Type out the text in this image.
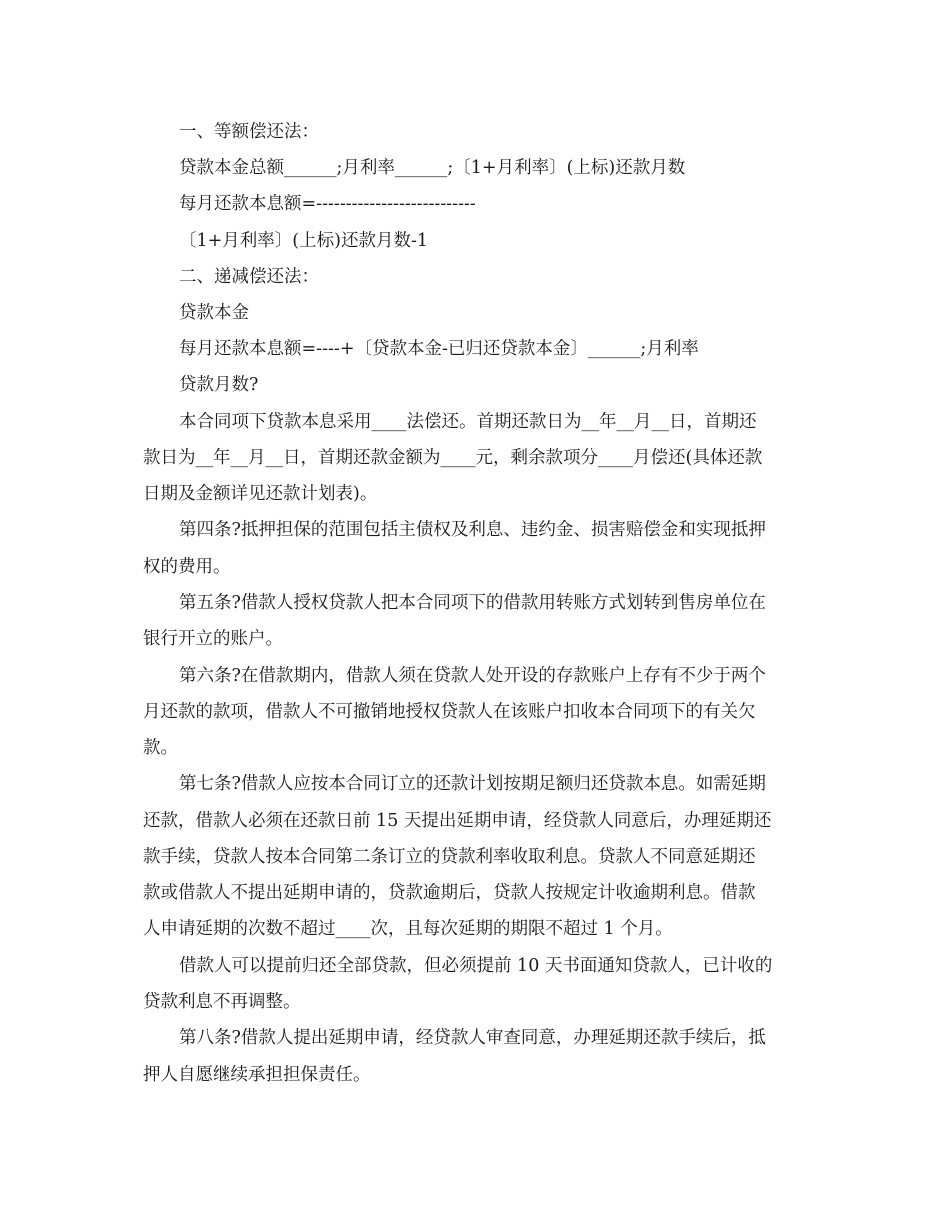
一、等额偿还法：
贷款本金总额______;月利率______;〔1+月利率〕(上标)还款月数
每月还款本息额=---------------------------
〔1+月利率〕(上标)还款月数-1
二、递减偿还法：
贷款本金
每月还款本息额=----+〔贷款本金-已归还贷款本金〕______;月利率
贷款月数?
本合同项下贷款本息采用____法偿还。首期还款日为__年__月__日，首期还
款日为__年__月__日，首期还款金额为____元，剩余款项分____月偿还(具体还款
日期及金额详见还款计划表)。
第四条?抵押担保的范围包括主债权及利息、违约金、损害赔偿金和实现抵押
权的费用。
第五条?借款人授权贷款人把本合同项下的借款用转账方式划转到售房单位在
银行开立的账户。
第六条?在借款期内，借款人须在贷款人处开设的存款账户上存有不少于两个
月还款的款项，借款人不可撤销地授权贷款人在该账户扣收本合同项下的有关欠
款。
第七条?借款人应按本合同订立的还款计划按期足额归还贷款本息。如需延期
还款，借款人必须在还款日前 15 天提出延期申请，经贷款人同意后，办理延期还
款手续，贷款人按本合同第二条订立的贷款利率收取利息。贷款人不同意延期还
款或借款人不提出延期申请的，贷款逾期后，贷款人按规定计收逾期利息。借款
人申请延期的次数不超过____次，且每次延期的期限不超过 1 个月。
借款人可以提前归还全部贷款，但必须提前 10 天书面通知贷款人，已计收的
贷款利息不再调整。
第八条?借款人提出延期申请，经贷款人审查同意，办理延期还款手续后，抵
押人自愿继续承担担保责任。
